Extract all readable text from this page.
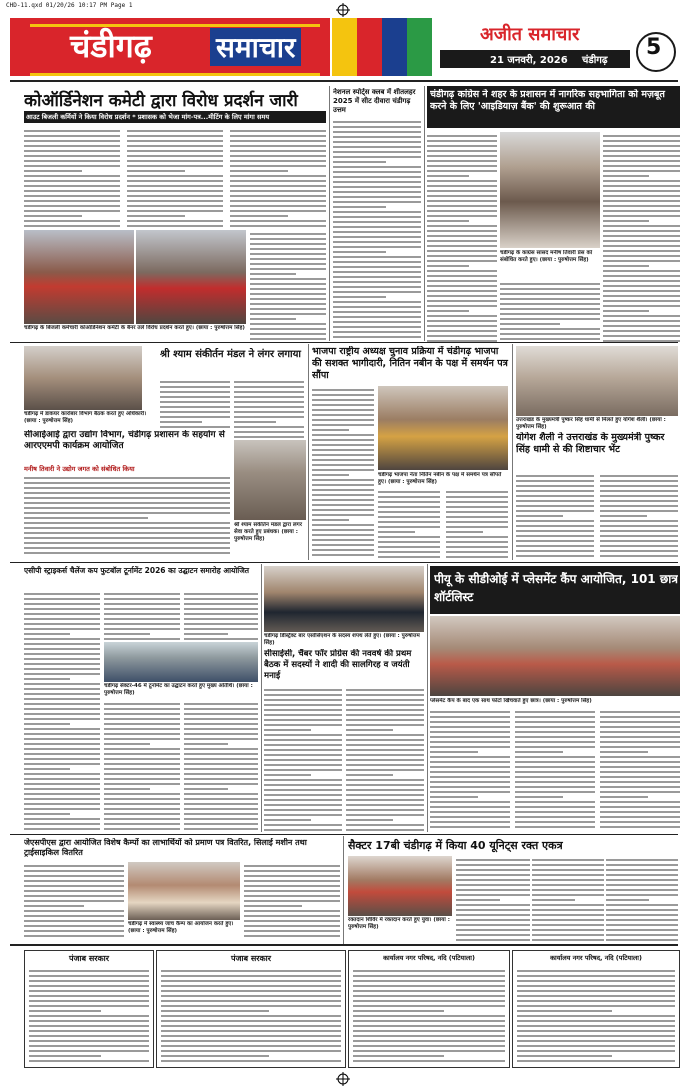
CHD-11.qxd 01/20/26 10:17 PM Page 1
चंडीगढ़ समाचार	अजीत समाचार
21 जनवरी, 2026 चंडीगढ़
5
कोऑर्डिनेशन कमेटी द्वारा विरोध प्रदर्शन जारी
आउट बिजली कर्मियों ने किया विरोध प्रदर्शन * प्रशासक को भेजा मांग-पत्र...मीटिंग के लिए मांगा समय
चंडीगढ़ के बिजली कर्मचारी कोऑर्डिनेशन कमेटी के बैनर तले विरोध प्रदर्शन करते हुए। (छाया : पुरुषोत्तम सिंह)
नेशनल स्पोर्ट्स क्लब में शीतलहर 2025 में सीट दीवारा चंडीगढ़ उत्तम
चंडीगढ़ कांग्रेस ने शहर के प्रशासन में नागरिक सहभागिता को मज़बूत करने के लिए 'आइडियाज़ बैंक' की शुरूआत की
चंडीगढ़ के कांग्रेस सांसद मनीष तिवारी प्रेस को संबोधित करते हुए। (छाया : पुरुषोत्तम सिंह)
चंडीगढ़ में डाकघर कारोबार विभाग बैठक करते हुए अधिकारी। (छाया : पुरुषोत्तम सिंह)
सीआईआई द्वारा उद्योग विभाग, चंडीगढ़ प्रशासन के सहयोग से आरएएमपी कार्यक्रम आयोजित
मनीष तिवारी ने उद्योग जगत को संबोधित किया
श्री श्याम संकीर्तन मंडल ने लंगर लगाया
श्री श्याम संकीर्तन मंडल द्वारा लंगर सेवा करते हुए प्रबंधक। (छाया : पुरुषोत्तम सिंह)
भाजपा राष्ट्रीय अध्यक्ष चुनाव प्रक्रिया में चंडीगढ़ भाजपा की सशक्त भागीदारी, नितिन नबीन के पक्ष में समर्थन पत्र सौंपा
चंडीगढ़ भाजपा नेता नितिन नबीन के पक्ष में समर्थन पत्र सौंपते हुए। (छाया : पुरुषोत्तम सिंह)
उत्तराखंड के मुख्यमंत्री पुष्कर सिंह धामी से मिलते हुए योगेश शैली। (छाया : पुरुषोत्तम सिंह)
योगेश शैली ने उत्तराखंड के मुख्यमंत्री पुष्कर सिंह धामी से की शिष्टाचार भेंट
एसीपी स्ट्राइकर्स चैलेंज कप फुटबॉल टूर्नामेंट 2026 का उद्घाटन समारोह आयोजित
चंडीगढ़ सेक्टर-46 में टूर्नामेंट का उद्घाटन करते हुए मुख्य अतिथि। (छाया : पुरुषोत्तम सिंह)
चंडीगढ़ डिस्ट्रिक्ट बार एसोसिएशन के सदस्य शपथ लेते हुए। (छाया : पुरुषोत्तम सिंह)
सीसाईसी, चैंबर फॉर प्रोग्रेस की नववर्ष की प्रथम बैठक में सदस्यों ने शादी की सालगिरह व जयंती मनाई
पीयू के सीडीओई में प्लेसमेंट कैंप आयोजित, 101 छात्र शॉर्टलिस्ट
प्लेसमेंट कैंप के बाद एक साथ फोटो खिंचवाते हुए छात्र। (छाया : पुरुषोत्तम सिंह)
जेएसपीएस द्वारा आयोजित विशेष कैम्पों का लाभार्थियों को प्रमाण पत्र वितरित, सिलाई मशीन तथा ट्राईसाइकिल वितरित
चंडीगढ़ में स्वास्थ्य जांच कैम्प का आयोजन करते हुए। (छाया : पुरुषोत्तम सिंह)
सैक्टर 17बी चंडीगढ़ में किया 40 यूनिट्स रक्त एकत्र
रक्तदान शिविर में रक्तदान करते हुए युवा। (छाया : पुरुषोत्तम सिंह)
पंजाब सरकार	पंजाब सरकार	कार्यालय नगर परिषद, नदि (पटियाला)	कार्यालय नगर परिषद, नदि (पटियाला)
